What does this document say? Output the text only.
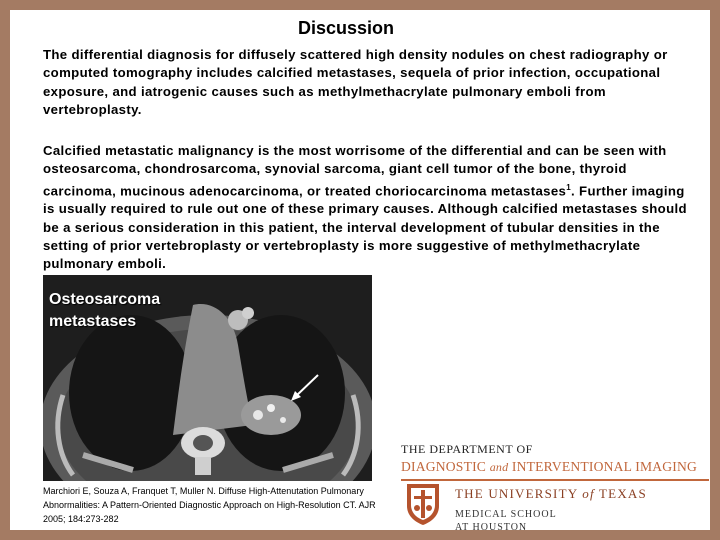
Discussion
The differential diagnosis for diffusely scattered high density nodules on chest radiography or computed tomography includes calcified metastases, sequela of prior infection, occupational exposure, and iatrogenic causes such as methylmethacrylate pulmonary emboli from vertebroplasty.
Calcified metastatic malignancy is the most worrisome of the differential and can be seen with osteosarcoma, chondrosarcoma, synovial sarcoma, giant cell tumor of the bone, thyroid carcinoma, mucinous adenocarcinoma, or treated choriocarcinoma metastases$^1$. Further imaging is usually required to rule out one of these primary causes. Although calcified metastases should be a serious consideration in this patient, the interval development of tubular densities in the setting of prior vertebroplasty or vertebroplasty is more suggestive of methylmethacrylate pulmonary emboli.
Osteosarcoma
metastases
Marchiori E, Souza A, Franquet T, Muller N. Diffuse High-Attenutation Pulmonary Abnormalities: A Pattern-Oriented Diagnostic Approach on High-Resolution CT. AJR 2005; 184:273-282
THE DEPARTMENT OF
DIAGNOSTIC and INTERVENTIONAL IMAGING
THE UNIVERSITY of TEXAS
MEDICAL SCHOOL
AT HOUSTON
